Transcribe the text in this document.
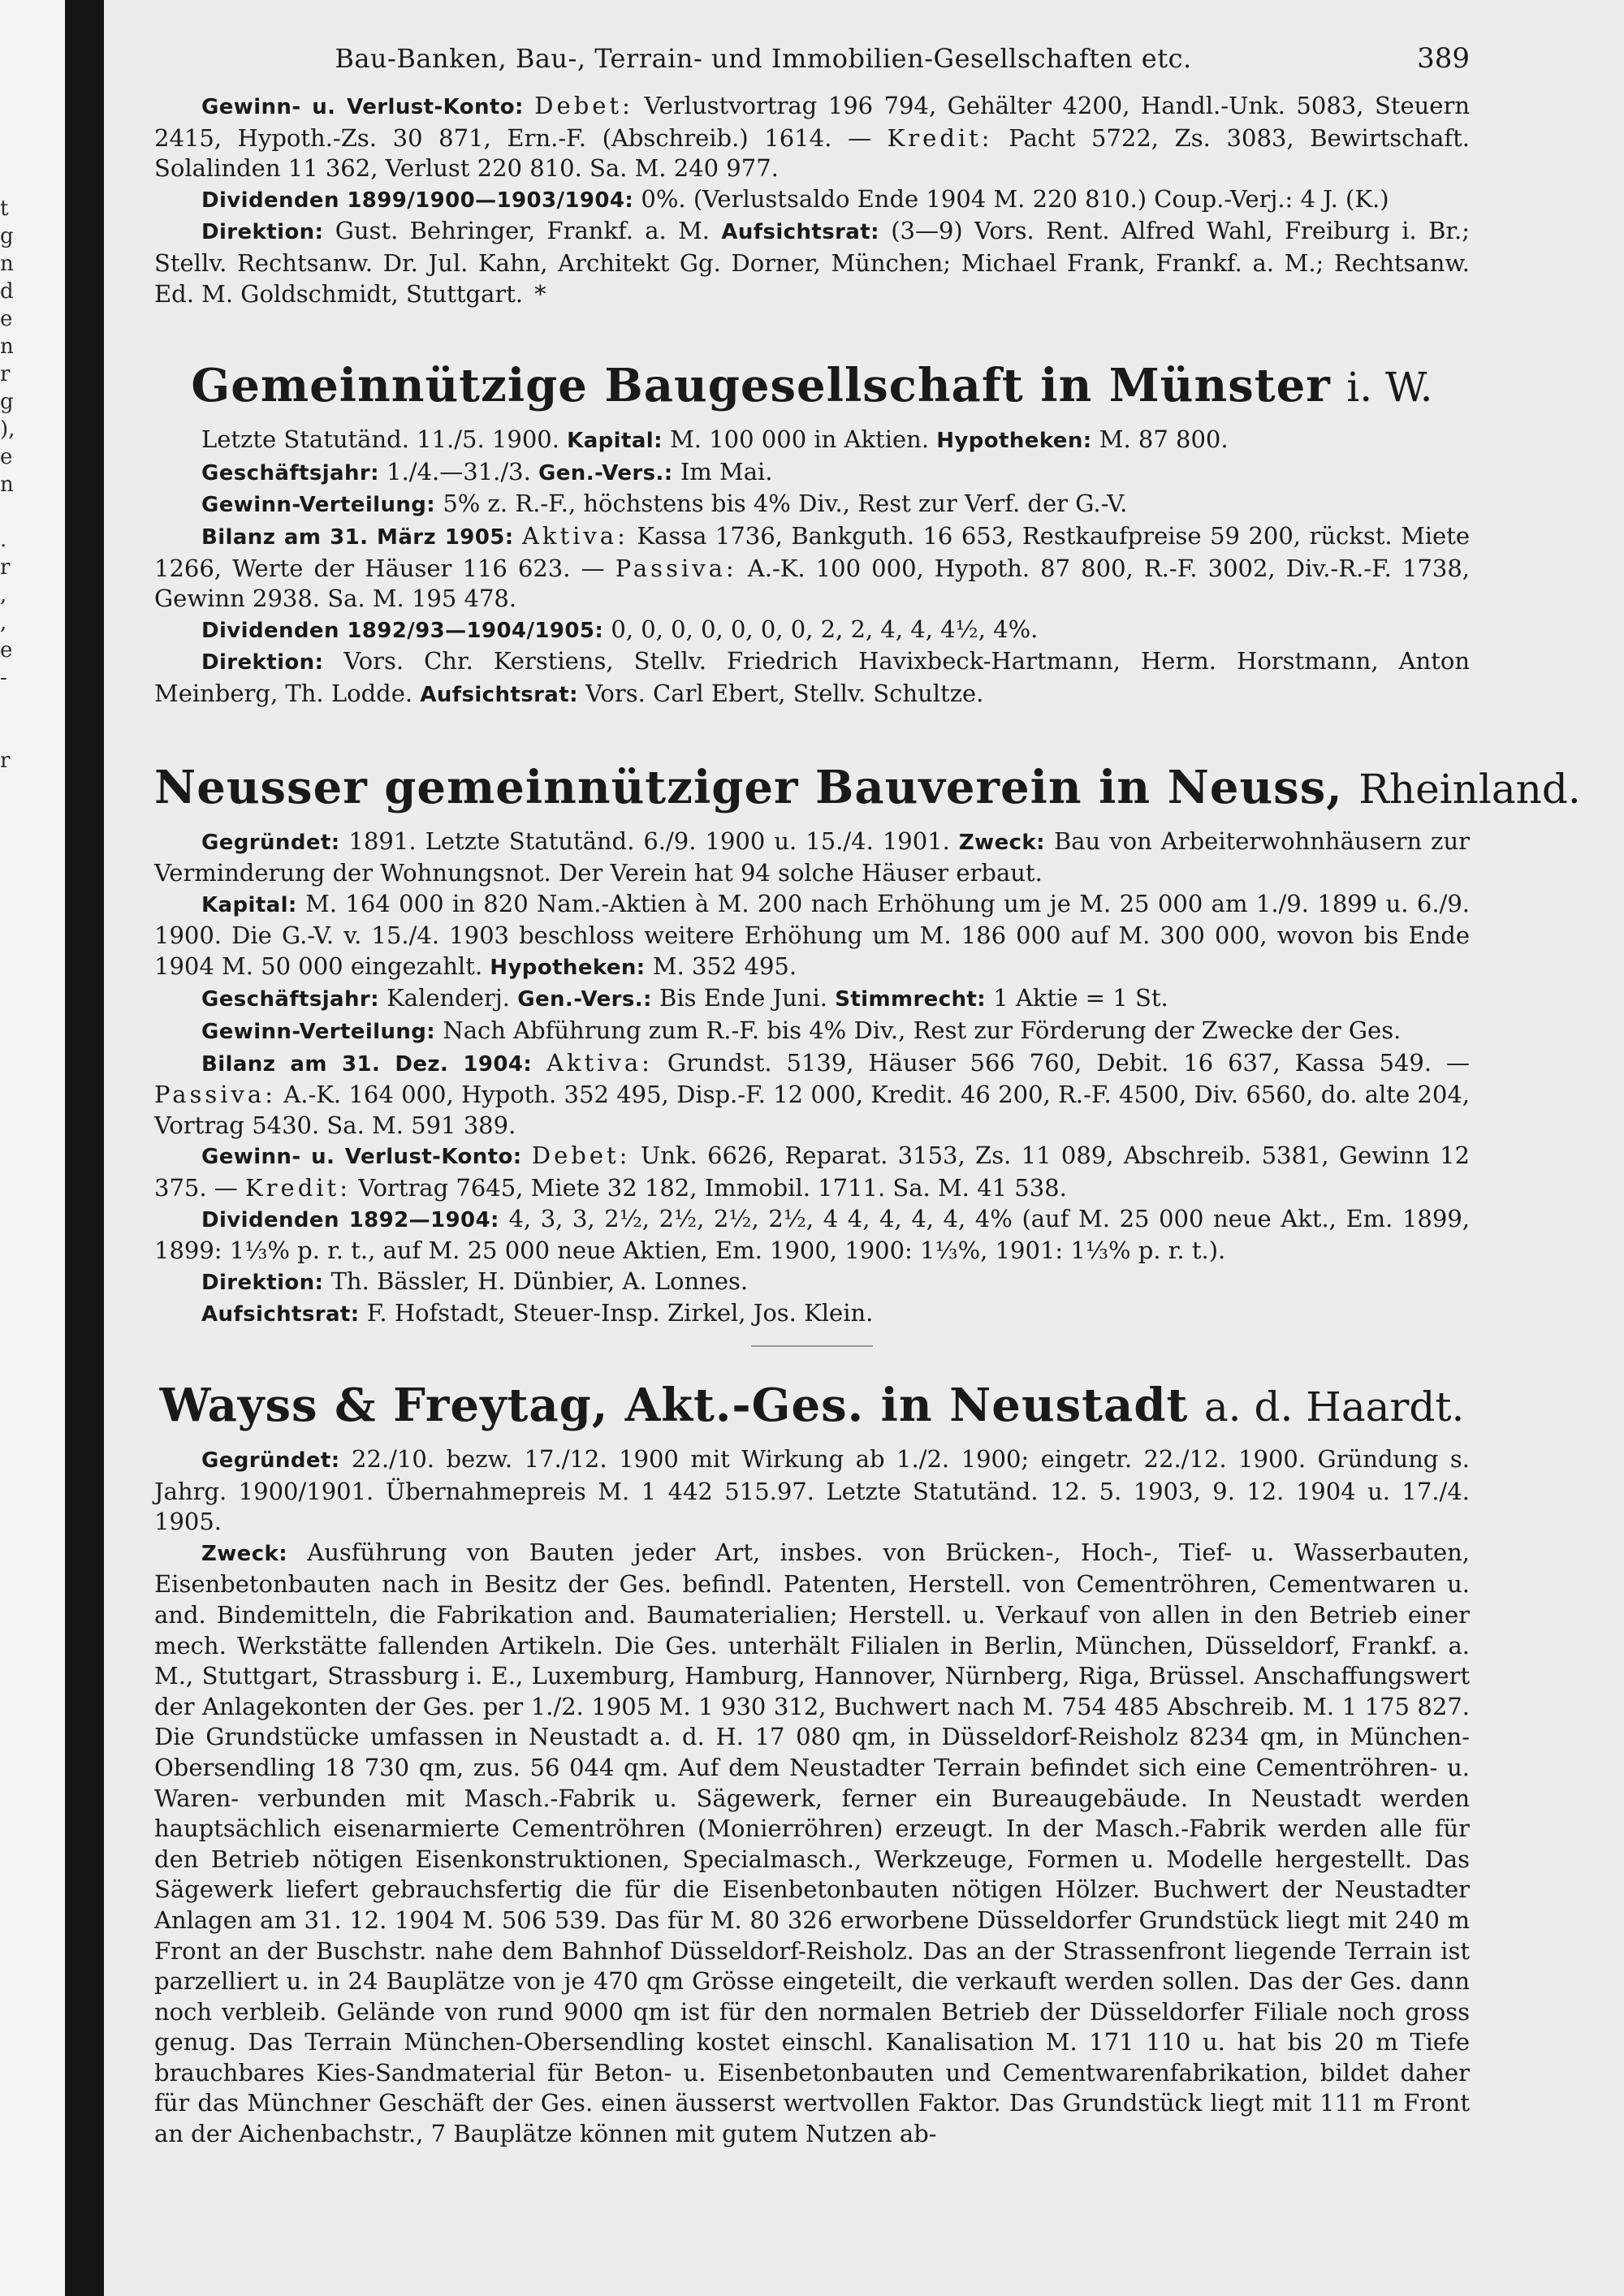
t
g
n
d
e
n
r
g
),
e
n
.
r
,
,
e
-
r
Bau-Banken, Bau-, Terrain- und Immobilien-Gesellschaften etc.	389

Gewinn- u. Verlust-Konto: Debet: Verlustvortrag 196 794, Gehälter 4200, Handl.-Unk. 5083, Steuern 2415, Hypoth.-Zs. 30 871, Ern.-F. (Abschreib.) 1614. — Kredit: Pacht 5722, Zs. 3083, Bewirtschaft. Solalinden 11 362, Verlust 220 810. Sa. M. 240 977.

Dividenden 1899/1900—1903/1904: 0%. (Verlustsaldo Ende 1904 M. 220 810.) Coup.-Verj.: 4 J. (K.)

Direktion: Gust. Behringer, Frankf. a. M. Aufsichtsrat: (3—9) Vors. Rent. Alfred Wahl, Freiburg i. Br.; Stellv. Rechtsanw. Dr. Jul. Kahn, Architekt Gg. Dorner, München; Michael Frank, Frankf. a. M.; Rechtsanw. Ed. M. Goldschmidt, Stuttgart. *

Gemeinnützige Baugesellschaft in Münster i. W.

Letzte Statutänd. 11./5. 1900. Kapital: M. 100 000 in Aktien. Hypotheken: M. 87 800.

Geschäftsjahr: 1./4.—31./3. Gen.-Vers.: Im Mai.

Gewinn-Verteilung: 5% z. R.-F., höchstens bis 4% Div., Rest zur Verf. der G.-V.

Bilanz am 31. März 1905: Aktiva: Kassa 1736, Bankguth. 16 653, Restkaufpreise 59 200, rückst. Miete 1266, Werte der Häuser 116 623. — Passiva: A.-K. 100 000, Hypoth. 87 800, R.-F. 3002, Div.-R.-F. 1738, Gewinn 2938. Sa. M. 195 478.

Dividenden 1892/93—1904/1905: 0, 0, 0, 0, 0, 0, 0, 2, 2, 4, 4, 4½, 4%.

Direktion: Vors. Chr. Kerstiens, Stellv. Friedrich Havixbeck-Hartmann, Herm. Horstmann, Anton Meinberg, Th. Lodde. Aufsichtsrat: Vors. Carl Ebert, Stellv. Schultze.

Neusser gemeinnütziger Bauverein in Neuss, Rheinland.

Gegründet: 1891. Letzte Statutänd. 6./9. 1900 u. 15./4. 1901. Zweck: Bau von Arbeiterwohnhäusern zur Verminderung der Wohnungsnot. Der Verein hat 94 solche Häuser erbaut.

Kapital: M. 164 000 in 820 Nam.-Aktien à M. 200 nach Erhöhung um je M. 25 000 am 1./9. 1899 u. 6./9. 1900. Die G.-V. v. 15./4. 1903 beschloss weitere Erhöhung um M. 186 000 auf M. 300 000, wovon bis Ende 1904 M. 50 000 eingezahlt. Hypotheken: M. 352 495.

Geschäftsjahr: Kalenderj. Gen.-Vers.: Bis Ende Juni. Stimmrecht: 1 Aktie = 1 St.

Gewinn-Verteilung: Nach Abführung zum R.-F. bis 4% Div., Rest zur Förderung der Zwecke der Ges.

Bilanz am 31. Dez. 1904: Aktiva: Grundst. 5139, Häuser 566 760, Debit. 16 637, Kassa 549. — Passiva: A.-K. 164 000, Hypoth. 352 495, Disp.-F. 12 000, Kredit. 46 200, R.-F. 4500, Div. 6560, do. alte 204, Vortrag 5430. Sa. M. 591 389.

Gewinn- u. Verlust-Konto: Debet: Unk. 6626, Reparat. 3153, Zs. 11 089, Abschreib. 5381, Gewinn 12 375. — Kredit: Vortrag 7645, Miete 32 182, Immobil. 1711. Sa. M. 41 538.

Dividenden 1892—1904: 4, 3, 3, 2½, 2½, 2½, 2½, 4 4, 4, 4, 4, 4% (auf M. 25 000 neue Akt., Em. 1899, 1899: 1⅓% p. r. t., auf M. 25 000 neue Aktien, Em. 1900, 1900: 1⅓%, 1901: 1⅓% p. r. t.).

Direktion: Th. Bässler, H. Dünbier, A. Lonnes.

Aufsichtsrat: F. Hofstadt, Steuer-Insp. Zirkel, Jos. Klein.

Wayss & Freytag, Akt.-Ges. in Neustadt a. d. Haardt.

Gegründet: 22./10. bezw. 17./12. 1900 mit Wirkung ab 1./2. 1900; eingetr. 22./12. 1900. Gründung s. Jahrg. 1900/1901. Übernahmepreis M. 1 442 515.97. Letzte Statutänd. 12. 5. 1903, 9. 12. 1904 u. 17./4. 1905.

Zweck: Ausführung von Bauten jeder Art, insbes. von Brücken-, Hoch-, Tief- u. Wasserbauten, Eisenbetonbauten nach in Besitz der Ges. befindl. Patenten, Herstell. von Cementröhren, Cementwaren u. and. Bindemitteln, die Fabrikation and. Baumaterialien; Herstell. u. Verkauf von allen in den Betrieb einer mech. Werkstätte fallenden Artikeln. Die Ges. unterhält Filialen in Berlin, München, Düsseldorf, Frankf. a. M., Stuttgart, Strassburg i. E., Luxemburg, Hamburg, Hannover, Nürnberg, Riga, Brüssel. Anschaffungswert der Anlagekonten der Ges. per 1./2. 1905 M. 1 930 312, Buchwert nach M. 754 485 Abschreib. M. 1 175 827. Die Grundstücke umfassen in Neustadt a. d. H. 17 080 qm, in Düsseldorf-Reisholz 8234 qm, in München-Obersendling 18 730 qm, zus. 56 044 qm. Auf dem Neustadter Terrain befindet sich eine Cementröhren- u. Waren- verbunden mit Masch.-Fabrik u. Sägewerk, ferner ein Bureaugebäude. In Neustadt werden hauptsächlich eisenarmierte Cementröhren (Monierröhren) erzeugt. In der Masch.-Fabrik werden alle für den Betrieb nötigen Eisenkonstruktionen, Specialmasch., Werkzeuge, Formen u. Modelle hergestellt. Das Sägewerk liefert gebrauchsfertig die für die Eisenbetonbauten nötigen Hölzer. Buchwert der Neustadter Anlagen am 31. 12. 1904 M. 506 539. Das für M. 80 326 erworbene Düsseldorfer Grundstück liegt mit 240 m Front an der Buschstr. nahe dem Bahnhof Düsseldorf-Reisholz. Das an der Strassenfront liegende Terrain ist parzelliert u. in 24 Bauplätze von je 470 qm Grösse eingeteilt, die verkauft werden sollen. Das der Ges. dann noch verbleib. Gelände von rund 9000 qm ist für den normalen Betrieb der Düsseldorfer Filiale noch gross genug. Das Terrain München-Obersendling kostet einschl. Kanalisation M. 171 110 u. hat bis 20 m Tiefe brauchbares Kies-Sandmaterial für Beton- u. Eisenbetonbauten und Cementwarenfabrikation, bildet daher für das Münchner Geschäft der Ges. einen äusserst wertvollen Faktor. Das Grundstück liegt mit 111 m Front an der Aichenbachstr., 7 Bauplätze können mit gutem Nutzen ab-
